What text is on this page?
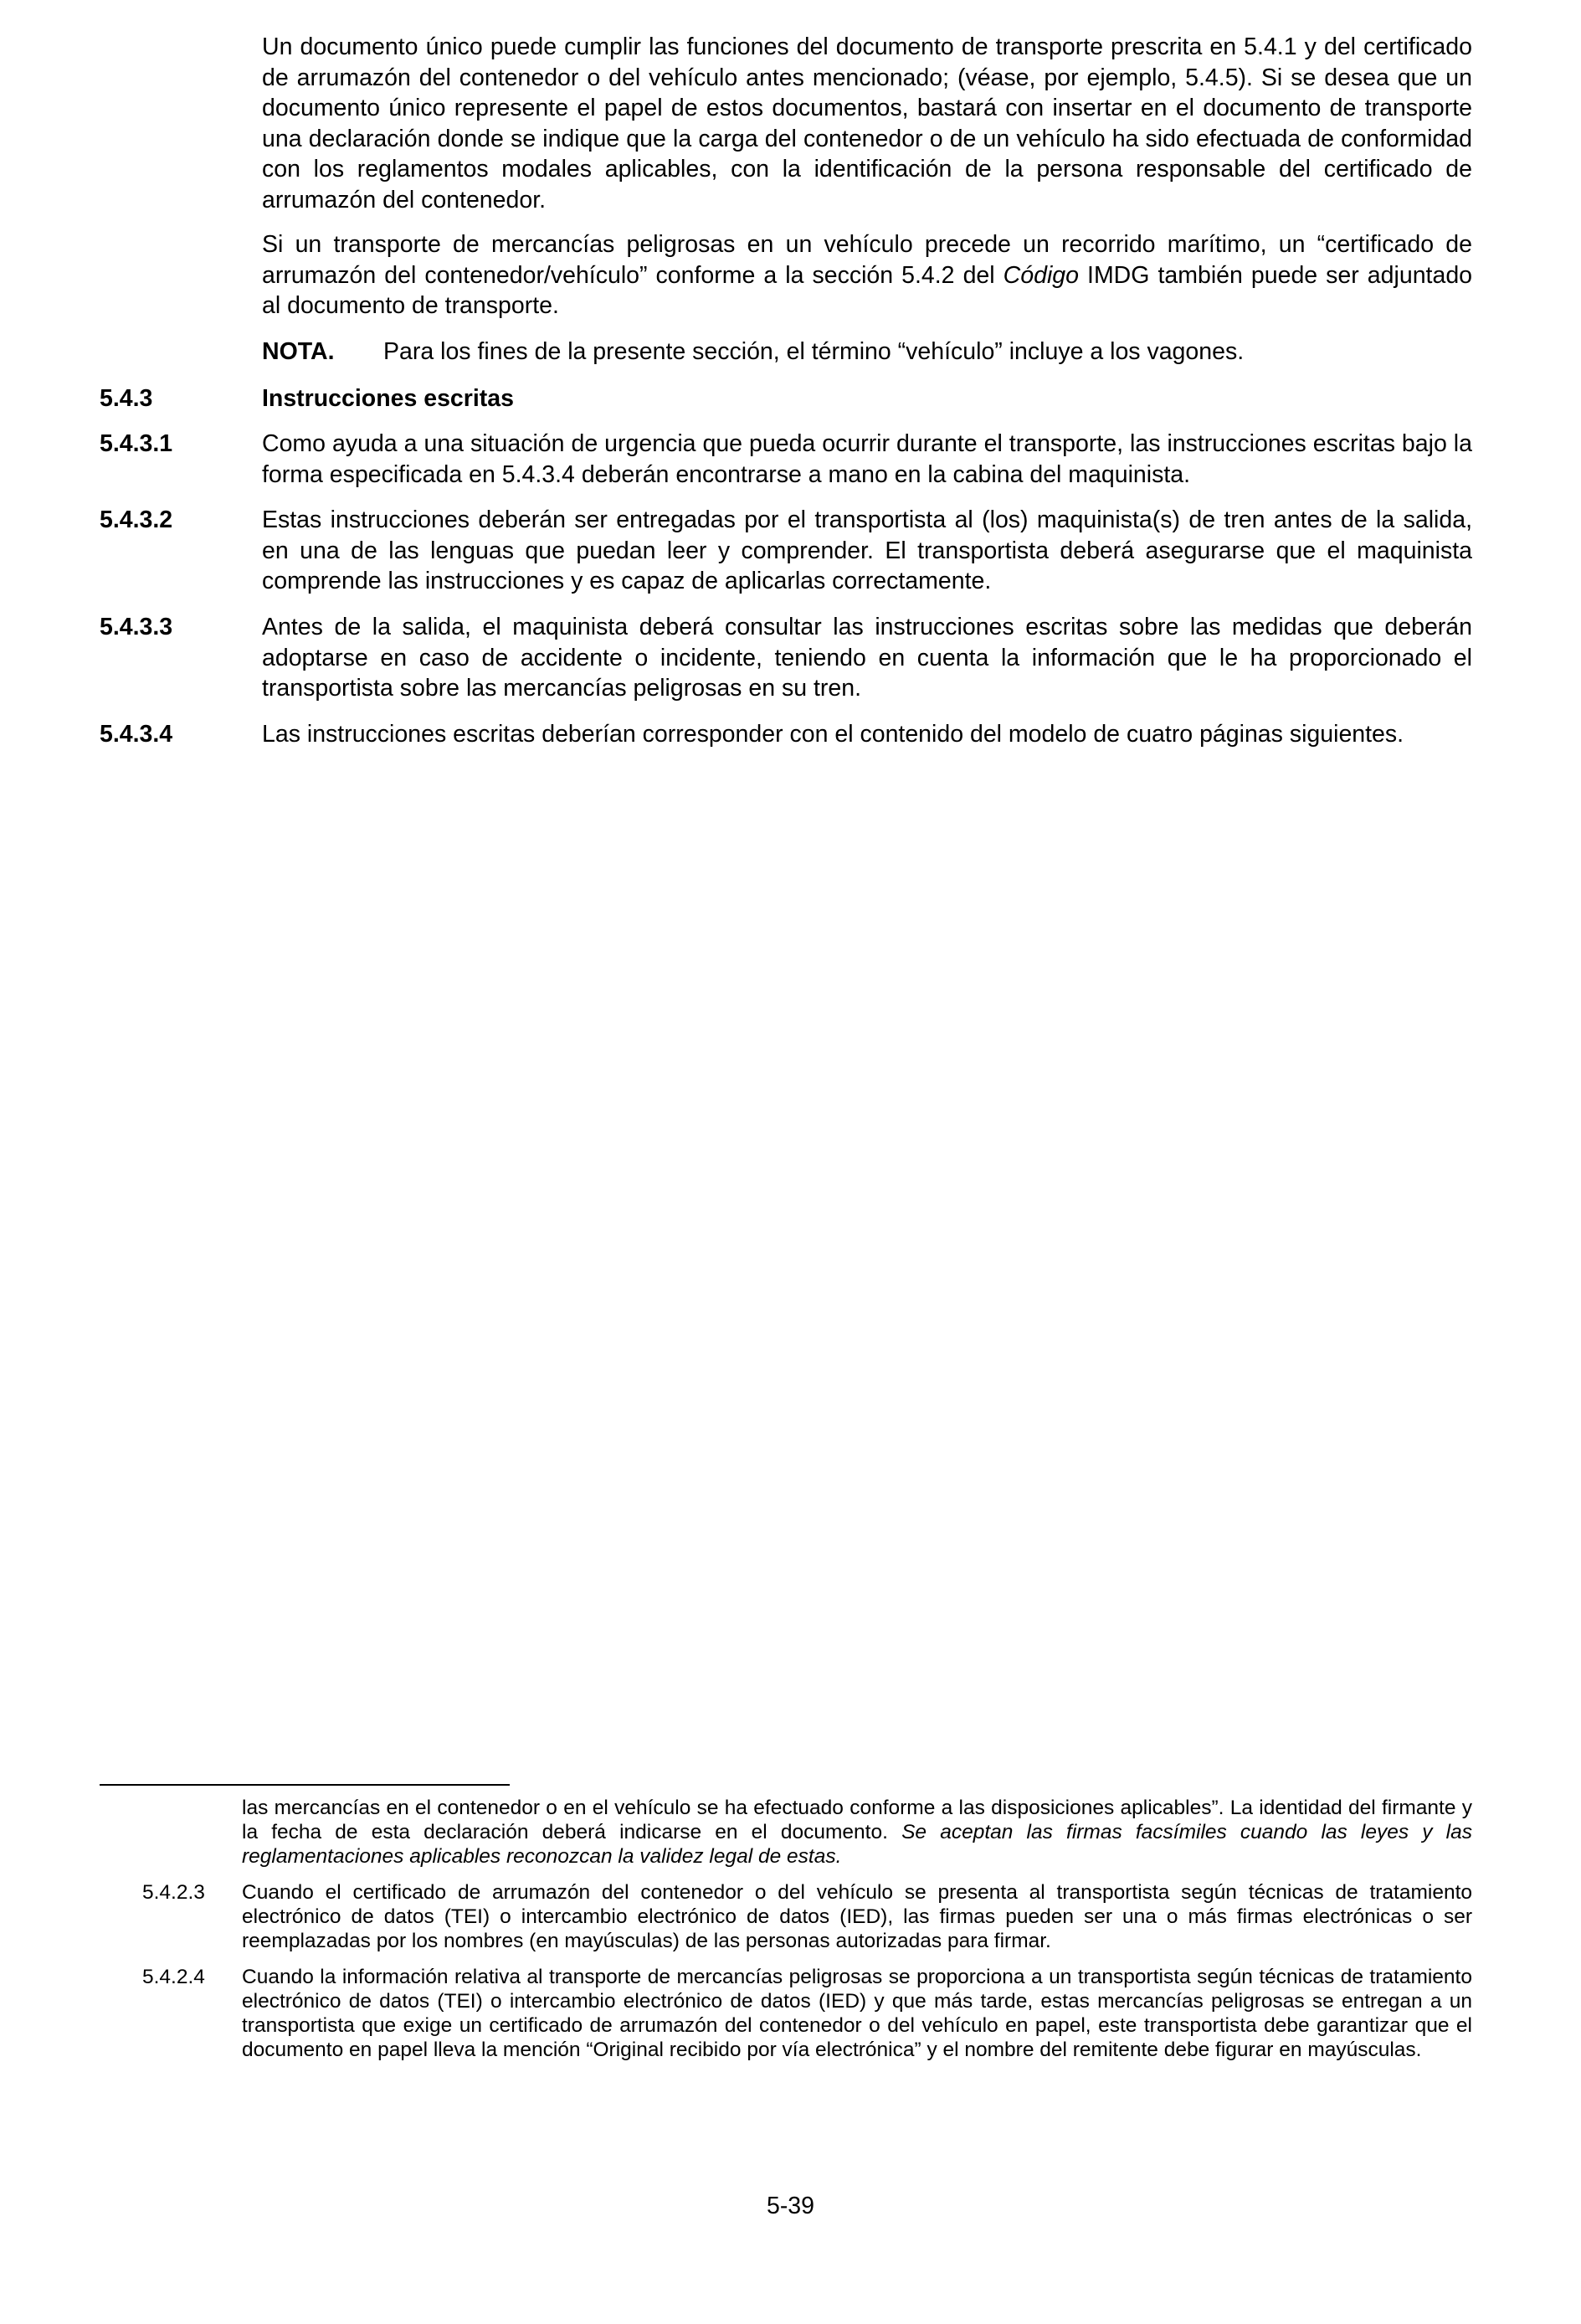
Un documento único puede cumplir las funciones del documento de transporte prescrita en 5.4.1 y del certificado de arrumazón del contenedor o del vehículo antes mencionado; (véase, por ejemplo, 5.4.5). Si se desea que un documento único represente el papel de estos documentos, bastará con insertar en el documento de transporte una declaración donde se indique que la carga del contenedor o de un vehículo ha sido efectuada de conformidad con los reglamentos modales aplicables, con la identificación de la persona responsable del certificado de arrumazón del contenedor.

Si un transporte de mercancías peligrosas en un vehículo precede un recorrido marítimo, un “certificado de arrumazón del contenedor/vehículo” conforme a la sección 5.4.2 del Código IMDG también puede ser adjuntado al documento de transporte.

NOTA. Para los fines de la presente sección, el término “vehículo” incluye a los vagones.
5.4.3	Instrucciones escritas
5.4.3.1	Como ayuda a una situación de urgencia que pueda ocurrir durante el transporte, las instrucciones escritas bajo la forma especificada en 5.4.3.4 deberán encontrarse a mano en la cabina del maquinista.

5.4.3.2	Estas instrucciones deberán ser entregadas por el transportista al (los) maquinista(s) de tren antes de la salida, en una de las lenguas que puedan leer y comprender. El transportista deberá asegurarse que el maquinista comprende las instrucciones y es capaz de aplicarlas correctamente.

5.4.3.3	Antes de la salida, el maquinista deberá consultar las instrucciones escritas sobre las medidas que deberán adoptarse en caso de accidente o incidente, teniendo en cuenta la información que le ha proporcionado el transportista sobre las mercancías peligrosas en su tren.

5.4.3.4	Las instrucciones escritas deberían corresponder con el contenido del modelo de cuatro páginas siguientes.

las mercancías en el contenedor o en el vehículo se ha efectuado conforme a las disposiciones aplicables”. La identidad del firmante y la fecha de esta declaración deberá indicarse en el documento. Se aceptan las firmas facsímiles cuando las leyes y las reglamentaciones aplicables reconozcan la validez legal de estas.

5.4.2.3 Cuando el certificado de arrumazón del contenedor o del vehículo se presenta al transportista según técnicas de tratamiento electrónico de datos (TEI) o intercambio electrónico de datos (IED), las firmas pueden ser una o más firmas electrónicas o ser reemplazadas por los nombres (en mayúsculas) de las personas autorizadas para firmar.

5.4.2.4 Cuando la información relativa al transporte de mercancías peligrosas se proporciona a un transportista según técnicas de tratamiento electrónico de datos (TEI) o intercambio electrónico de datos (IED) y que más tarde, estas mercancías peligrosas se entregan a un transportista que exige un certificado de arrumazón del contenedor o del vehículo en papel, este transportista debe garantizar que el documento en papel lleva la mención “Original recibido por vía electrónica” y el nombre del remitente debe figurar en mayúsculas.

5-39
